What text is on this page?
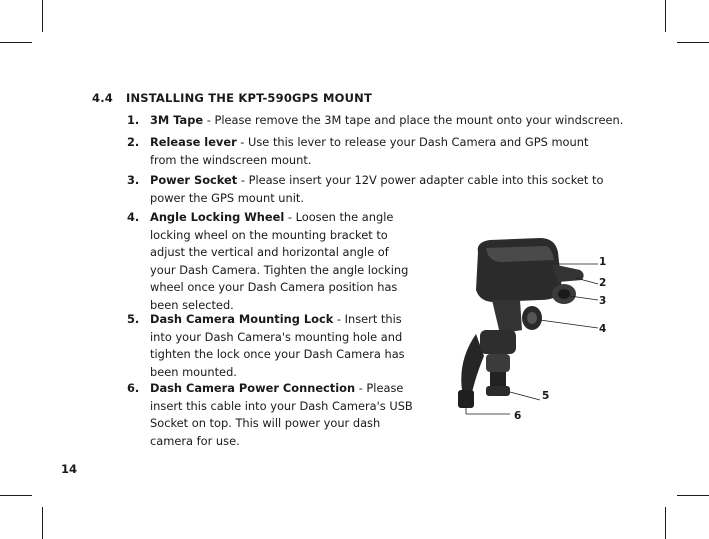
4.4 INSTALLING THE KPT-590GPS MOUNT
1. 3M Tape - Please remove the 3M tape and place the mount onto your windscreen.
2. Release lever - Use this lever to release your Dash Camera and GPS mount from the windscreen mount.
3. Power Socket - Please insert your 12V power adapter cable into this socket to power the GPS mount unit.
4. Angle Locking Wheel - Loosen the angle locking wheel on the mounting bracket to adjust the vertical and horizontal angle of your Dash Camera. Tighten the angle locking wheel once your Dash Camera position has been selected.
5. Dash Camera Mounting Lock - Insert this into your Dash Camera's mounting hole and tighten the lock once your Dash Camera has been mounted.
6. Dash Camera Power Connection - Please insert this cable into your Dash Camera's USB Socket on top. This will power your dash camera for use.
1
2
3
4
5
6
14
